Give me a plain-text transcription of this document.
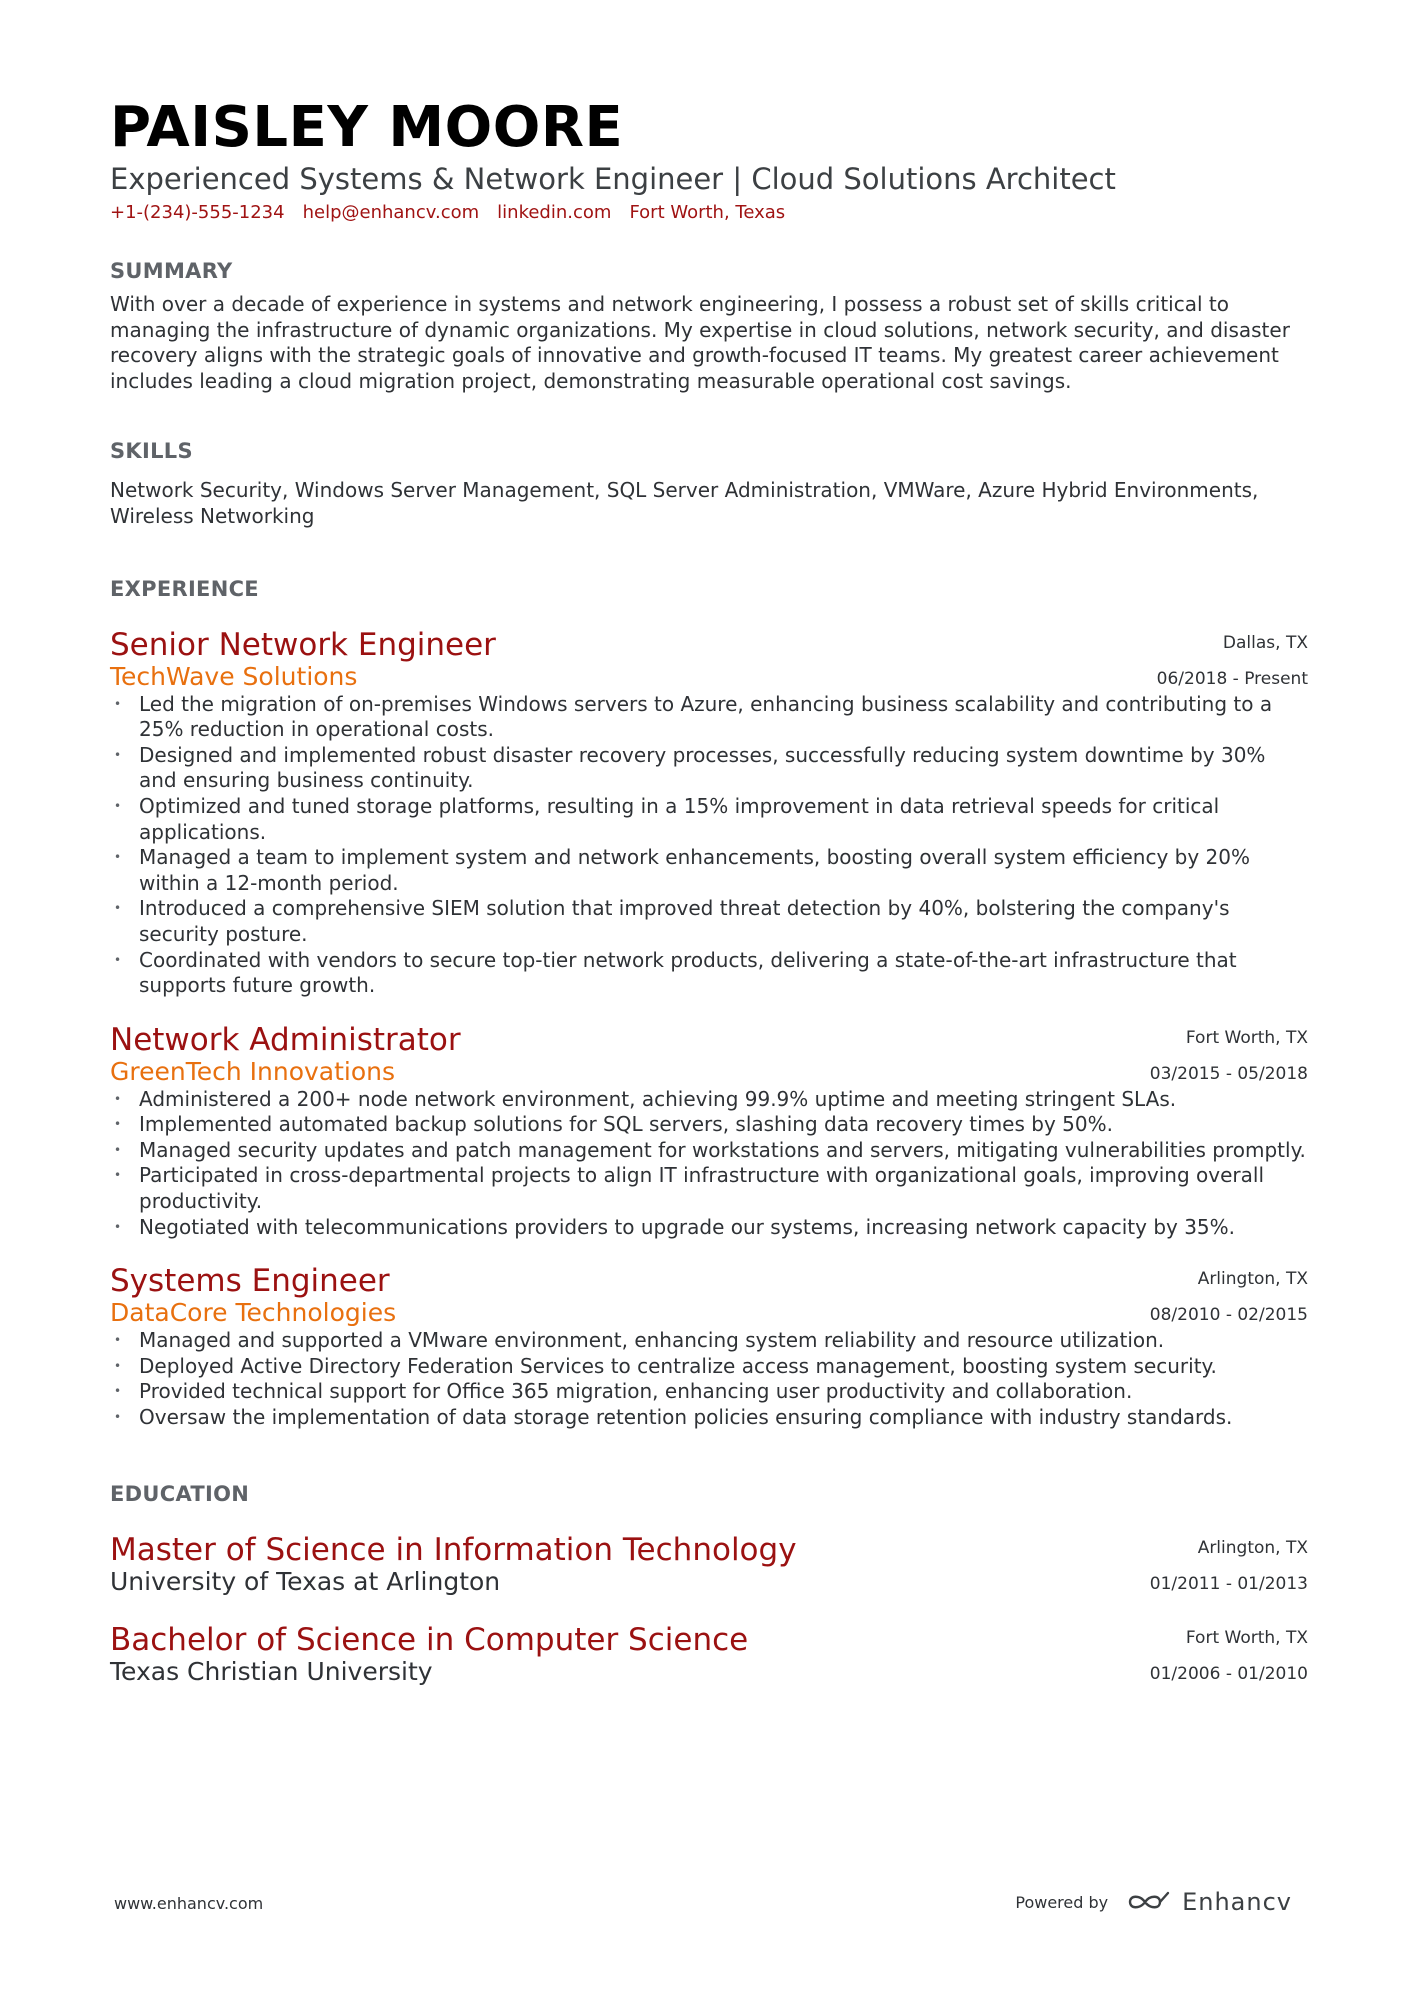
PAISLEY MOORE
Experienced Systems & Network Engineer | Cloud Solutions Architect
+1-(234)-555-1234 help@enhancv.com linkedin.com Fort Worth, Texas
SUMMARY

With over a decade of experience in systems and network engineering, I possess a robust set of skills critical to managing the infrastructure of dynamic organizations. My expertise in cloud solutions, network security, and disaster recovery aligns with the strategic goals of innovative and growth-focused IT teams. My greatest career achievement includes leading a cloud migration project, demonstrating measurable operational cost savings.

SKILLS

Network Security, Windows Server Management, SQL Server Administration, VMWare, Azure Hybrid Environments, Wireless Networking

EXPERIENCE
Senior Network Engineer
TechWave Solutions
Dallas, TX
06/2018 - Present
• Led the migration of on-premises Windows servers to Azure, enhancing business scalability and contributing to a 25% reduction in operational costs.
• Designed and implemented robust disaster recovery processes, successfully reducing system downtime by 30% and ensuring business continuity.
• Optimized and tuned storage platforms, resulting in a 15% improvement in data retrieval speeds for critical applications.
• Managed a team to implement system and network enhancements, boosting overall system efficiency by 20% within a 12-month period.
• Introduced a comprehensive SIEM solution that improved threat detection by 40%, bolstering the company's security posture.
• Coordinated with vendors to secure top-tier network products, delivering a state-of-the-art infrastructure that supports future growth.
Network Administrator
GreenTech Innovations
Fort Worth, TX
03/2015 - 05/2018
• Administered a 200+ node network environment, achieving 99.9% uptime and meeting stringent SLAs.
• Implemented automated backup solutions for SQL servers, slashing data recovery times by 50%.
• Managed security updates and patch management for workstations and servers, mitigating vulnerabilities promptly.
• Participated in cross-departmental projects to align IT infrastructure with organizational goals, improving overall productivity.
• Negotiated with telecommunications providers to upgrade our systems, increasing network capacity by 35%.
Systems Engineer
DataCore Technologies
Arlington, TX
08/2010 - 02/2015
• Managed and supported a VMware environment, enhancing system reliability and resource utilization.
• Deployed Active Directory Federation Services to centralize access management, boosting system security.
• Provided technical support for Office 365 migration, enhancing user productivity and collaboration.
• Oversaw the implementation of data storage retention policies ensuring compliance with industry standards.
EDUCATION
Master of Science in Information Technology
University of Texas at Arlington
Arlington, TX
01/2011 - 01/2013
Bachelor of Science in Computer Science
Texas Christian University
Fort Worth, TX
01/2006 - 01/2010
www.enhancv.com	Powered by	Enhancv
